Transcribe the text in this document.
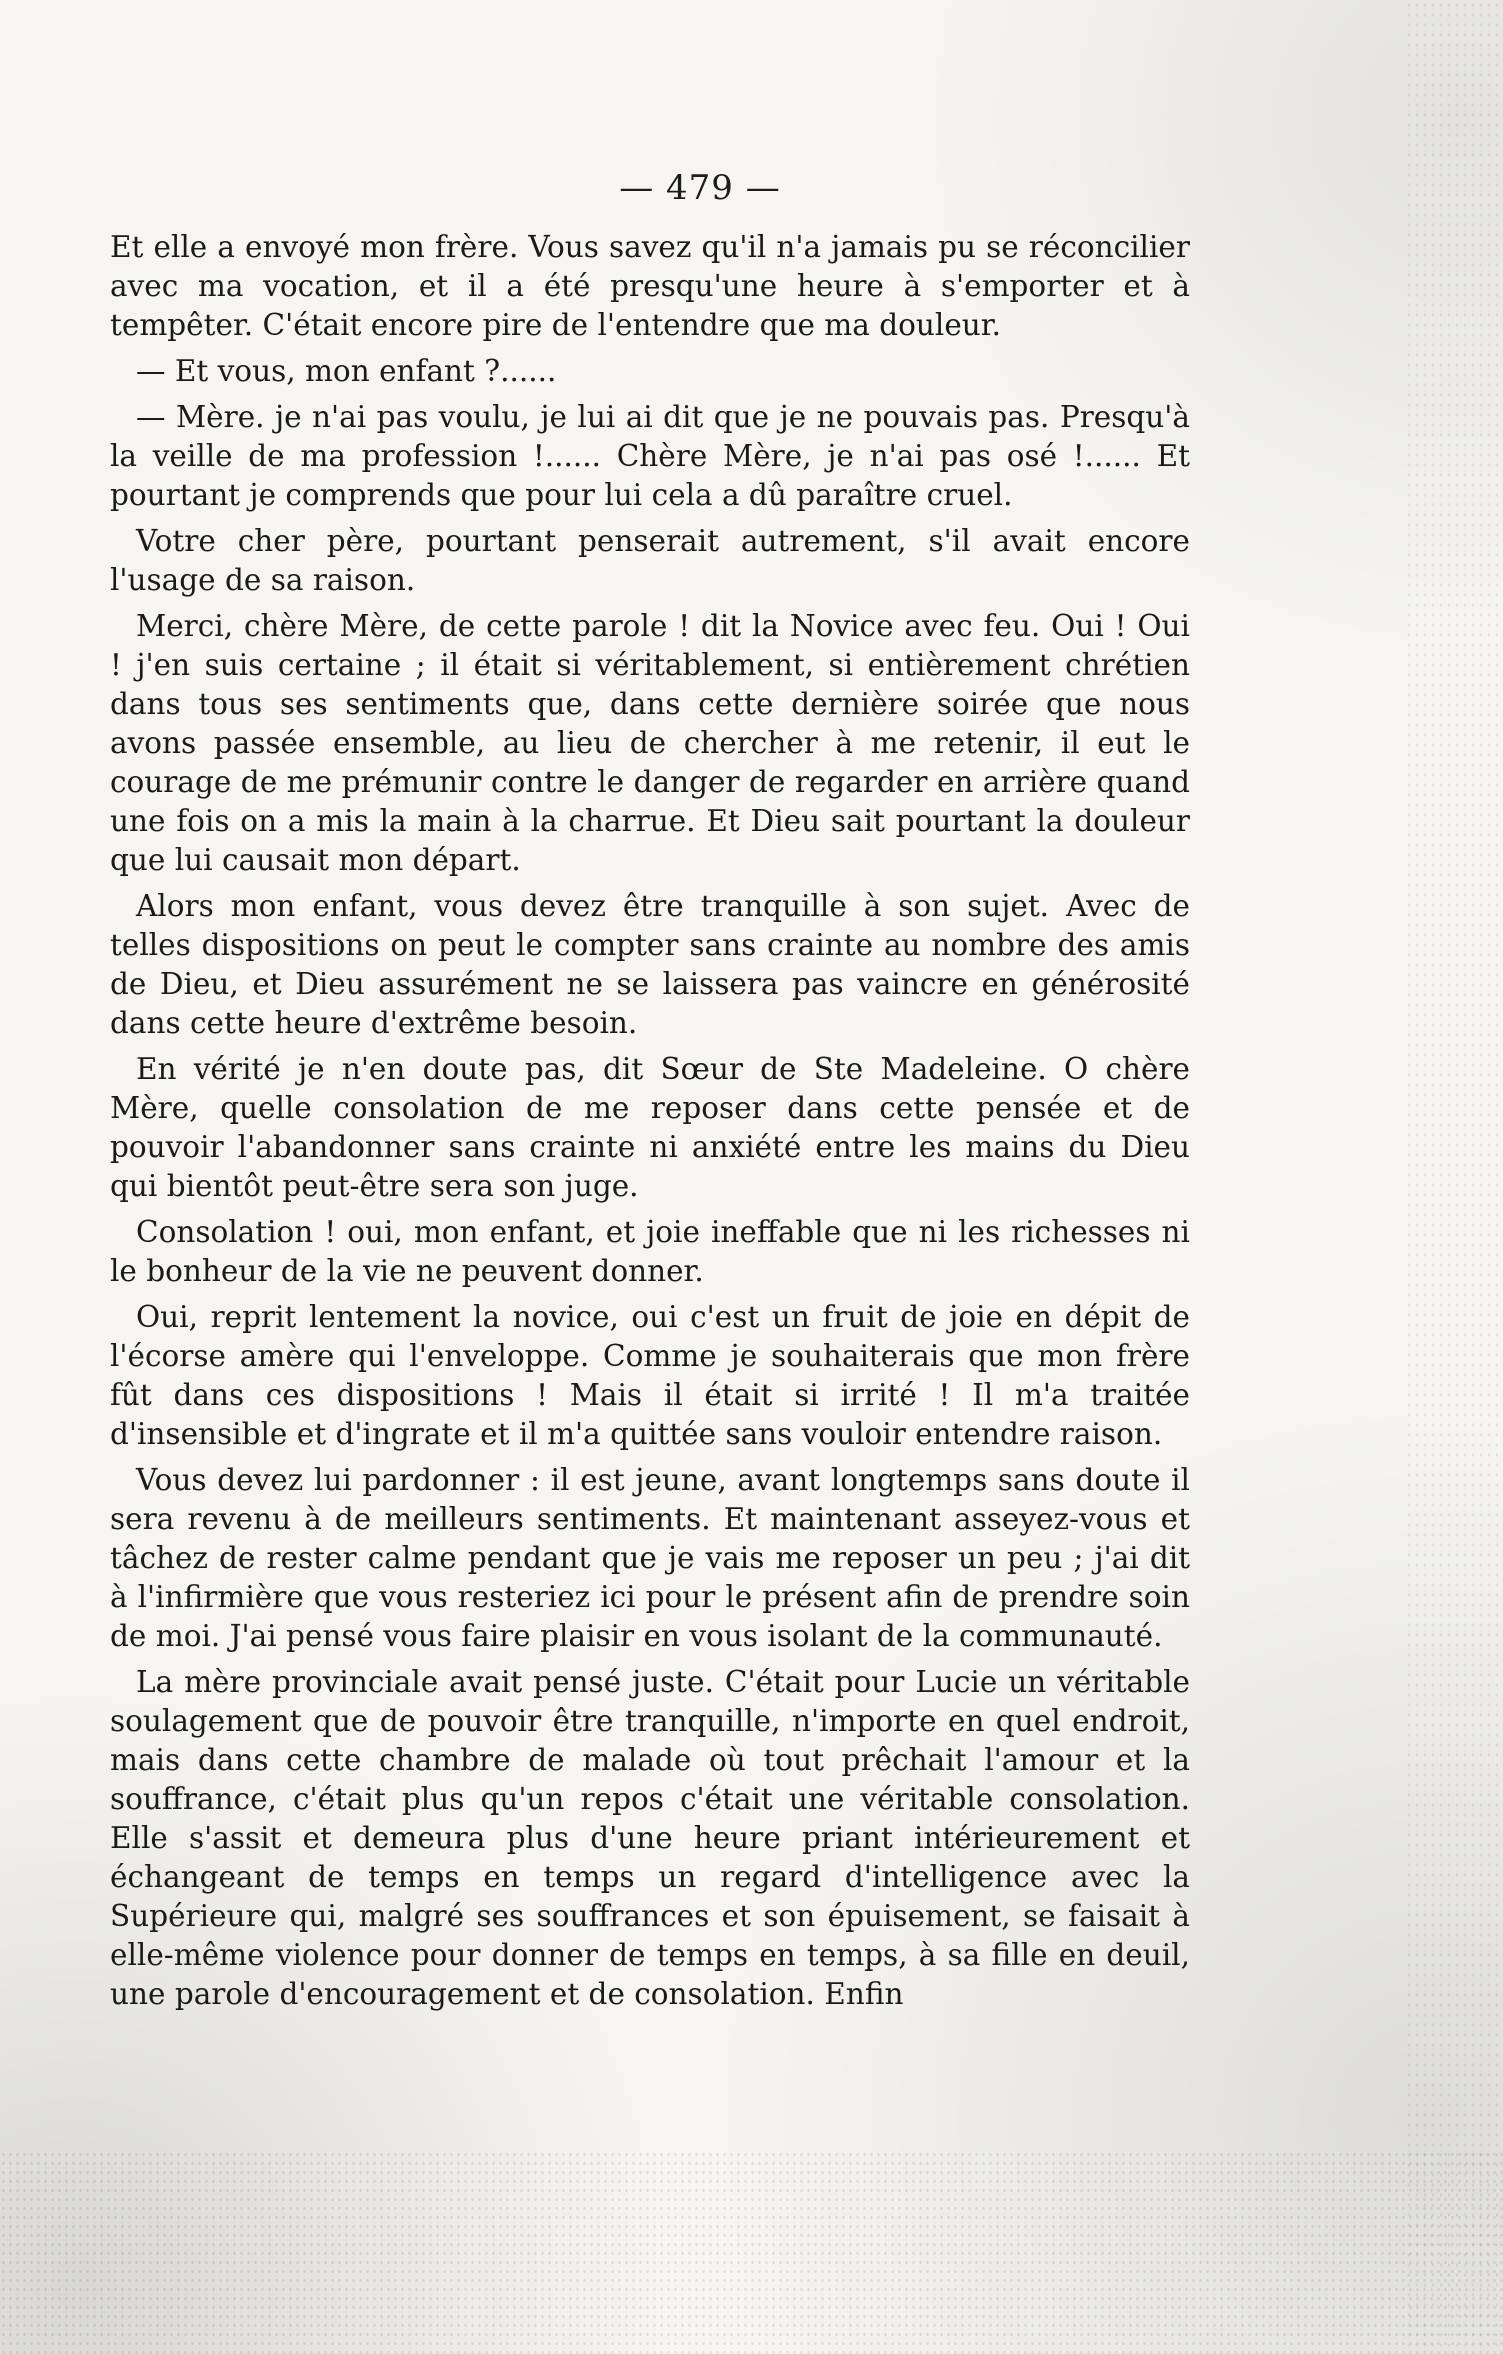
— 479 —

Et elle a envoyé mon frère. Vous savez qu'il n'a jamais pu se réconcilier avec ma vocation, et il a été presqu'une heure à s'emporter et à tempêter. C'était encore pire de l'entendre que ma douleur.

— Et vous, mon enfant ?......

— Mère. je n'ai pas voulu, je lui ai dit que je ne pouvais pas. Presqu'à la veille de ma profession !...... Chère Mère, je n'ai pas osé !...... Et pourtant je comprends que pour lui cela a dû paraître cruel.

Votre cher père, pourtant penserait autrement, s'il avait encore l'usage de sa raison.

Merci, chère Mère, de cette parole ! dit la Novice avec feu. Oui ! Oui ! j'en suis certaine ; il était si véritablement, si entièrement chrétien dans tous ses sentiments que, dans cette dernière soirée que nous avons passée ensemble, au lieu de chercher à me retenir, il eut le courage de me prémunir contre le danger de regarder en arrière quand une fois on a mis la main à la charrue. Et Dieu sait pourtant la douleur que lui causait mon départ.

Alors mon enfant, vous devez être tranquille à son sujet. Avec de telles dispositions on peut le compter sans crainte au nombre des amis de Dieu, et Dieu assurément ne se laissera pas vaincre en générosité dans cette heure d'extrême besoin.

En vérité je n'en doute pas, dit Sœur de Ste Madeleine. O chère Mère, quelle consolation de me reposer dans cette pensée et de pouvoir l'abandonner sans crainte ni anxiété entre les mains du Dieu qui bientôt peut-être sera son juge.

Consolation ! oui, mon enfant, et joie ineffable que ni les richesses ni le bonheur de la vie ne peuvent donner.

Oui, reprit lentement la novice, oui c'est un fruit de joie en dépit de l'écorse amère qui l'enveloppe. Comme je souhaiterais que mon frère fût dans ces dispositions ! Mais il était si irrité ! Il m'a traitée d'insensible et d'ingrate et il m'a quittée sans vouloir entendre raison.

Vous devez lui pardonner : il est jeune, avant longtemps sans doute il sera revenu à de meilleurs sentiments. Et maintenant asseyez-vous et tâchez de rester calme pendant que je vais me reposer un peu ; j'ai dit à l'infirmière que vous resteriez ici pour le présent afin de prendre soin de moi. J'ai pensé vous faire plaisir en vous isolant de la communauté.

La mère provinciale avait pensé juste. C'était pour Lucie un véritable soulagement que de pouvoir être tranquille, n'importe en quel endroit, mais dans cette chambre de malade où tout prêchait l'amour et la souffrance, c'était plus qu'un repos c'était une véritable consolation. Elle s'assit et demeura plus d'une heure priant intérieurement et échangeant de temps en temps un regard d'intelligence avec la Supérieure qui, malgré ses souffrances et son épuisement, se faisait à elle-même violence pour donner de temps en temps, à sa fille en deuil, une parole d'encouragement et de consolation. Enfin
